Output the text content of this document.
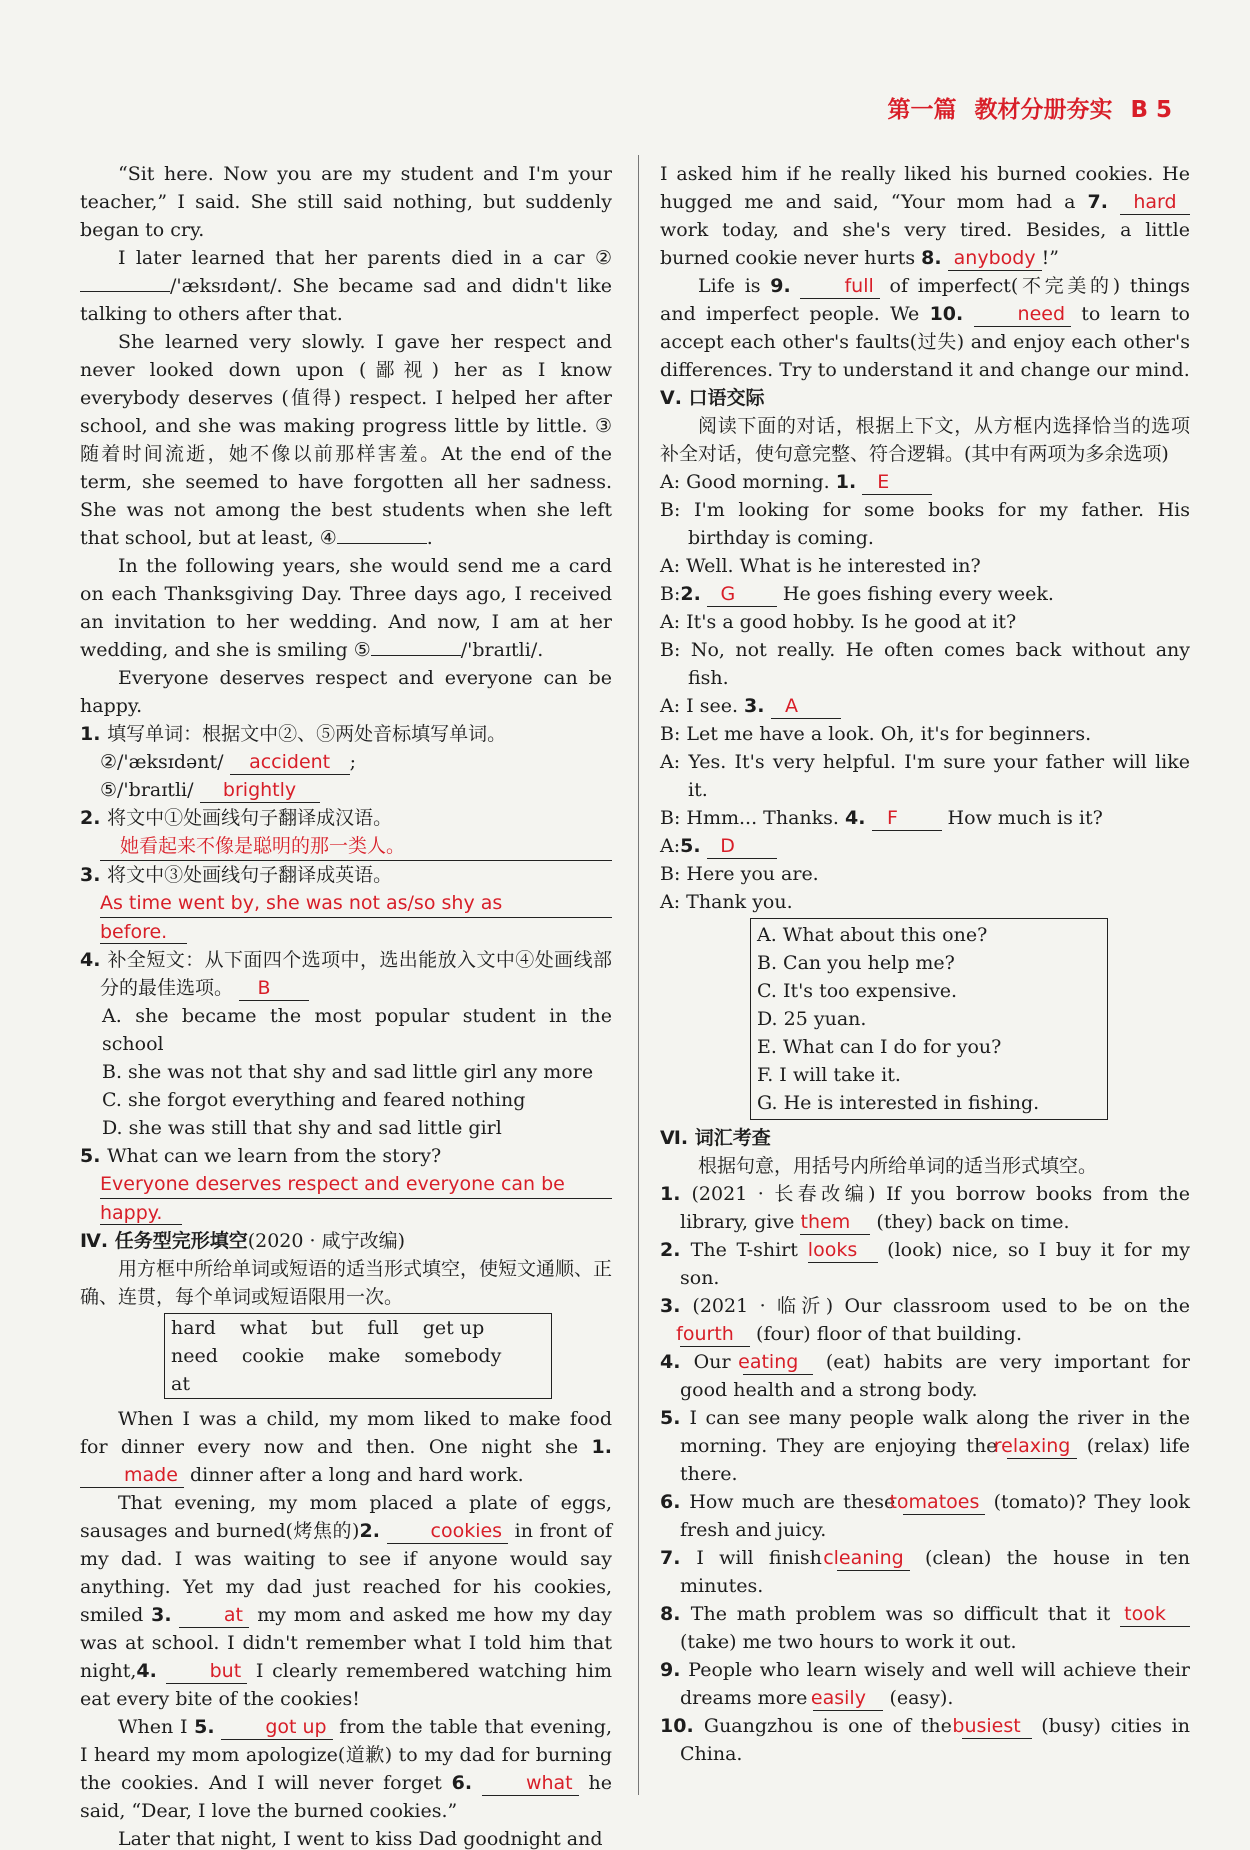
第一篇 教材分册夯实 B 5

“Sit here. Now you are my student and I'm your teacher,” I said. She still said nothing, but suddenly began to cry.

I later learned that her parents died in a car ②/'æksɪdənt/. She became sad and didn't like talking to others after that.

She learned very slowly. I gave her respect and never looked down upon (鄙视) her as I know everybody deserves (值得) respect. I helped her after school, and she was making progress little by little. ③随着时间流逝，她不像以前那样害羞。At the end of the term, she seemed to have forgotten all her sadness. She was not among the best students when she left that school, but at least, ④	.

In the following years, she would send me a card on each Thanksgiving Day. Three days ago, I received an invitation to her wedding. And now, I am at her wedding, and she is smiling ⑤	/'braɪtli/.

Everyone deserves respect and everyone can be happy.

1. 填写单词：根据文中②、⑤两处音标填写单词。

②/'æksɪdənt/ accident ;

⑤/'braɪtli/ brightly

2. 将文中①处画线句子翻译成汉语。

她看起来不像是聪明的那一类人。

3. 将文中③处画线句子翻译成英语。

As time went by, she was not as/so shy as

before.

4. 补全短文：从下面四个选项中，选出能放入文中④处画线部分的最佳选项。 B

A. she became the most popular student in the school

B. she was not that shy and sad little girl any more

C. she forgot everything and feared nothing

D. she was still that shy and sad little girl

5. What can we learn from the story?

Everyone deserves respect and everyone can be

happy.

Ⅳ. 任务型完形填空(2020 · 咸宁改编)

用方框中所给单词或短语的适当形式填空，使短文通顺、正确、连贯，每个单词或短语限用一次。

hard what but full get up
need cookie make somebodyat

When I was a child, my mom liked to make food for dinner every now and then. One night she 1. made dinner after a long and hard work.

That evening, my mom placed a plate of eggs, sausages and burned(烤焦的)2.	cookies in front of my dad. I was waiting to see if anyone would say anything. Yet my dad just reached for his cookies, smiled 3.	at my mom and asked me how my day was at school. I didn't remember what I told him that night,4.	but I clearly remembered watching him eat every bite of the cookies!

When I 5.	got up from the table that evening, I heard my mom apologize(道歉) to my dad for burning the cookies. And I will never forget 6.	what he said, “Dear, I love the burned cookies.”

Later that night, I went to kiss Dad goodnight and

I asked him if he really liked his burned cookies. He hugged me and said, “Your mom had a 7. hard work today, and she's very tired. Besides, a little burned cookie never hurts 8. anybody !”

Life is 9.	full of imperfect(不完美的) things and imperfect people. We 10.	need to learn to accept each other's faults(过失) and enjoy each other's differences. Try to understand it and change our mind.

Ⅴ. 口语交际

阅读下面的对话，根据上下文，从方框内选择恰当的选项补全对话，使句意完整、符合逻辑。(其中有两项为多余选项)

A: Good morning. 1. E

B: I'm looking for some books for my father. His birthday is coming.

A: Well. What is he interested in?

B:2. G	He goes fishing every week.

A: It's a good hobby. Is he good at it?

B: No, not really. He often comes back without any fish.

A: I see. 3. A

B: Let me have a look. Oh, it's for beginners.

A: Yes. It's very helpful. I'm sure your father will like it.

B: Hmm... Thanks. 4. F	How much is it?

A:5. D

B: Here you are.

A: Thank you.

A. What about this one?
B. Can you help me?
C. It's too expensive.
D. 25 yuan.
E. What can I do for you?
F. I will take it.
G. He is interested in fishing.

Ⅵ. 词汇考查

根据句意，用括号内所给单词的适当形式填空。

1. (2021 · 长春改编) If you borrow books from the library, give them (they) back on time.

2. The T-shirt looks (look) nice, so I buy it for my son.

3. (2021 · 临沂) Our classroom used to be on the fourth (four) floor of that building.

4. Our eating (eat) habits are very important for good health and a strong body.

5. I can see many people walk along the river in the morning. They are enjoying the relaxing (relax) life there.

6. How much are these tomatoes (tomato)? They look fresh and juicy.

7. I will finish cleaning (clean) the house in ten minutes.

8. The math problem was so difficult that it took (take) me two hours to work it out.

9. People who learn wisely and well will achieve their dreams more easily (easy).

10. Guangzhou is one of the busiest (busy) cities in China.
